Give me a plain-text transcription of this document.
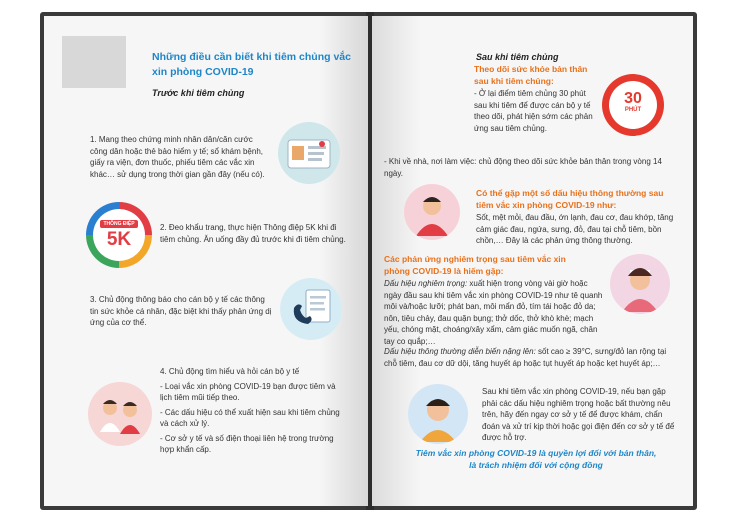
Những điều cần biết khi tiêm chủng vắc xin phòng COVID-19
Trước khi tiêm chủng
1. Mang theo chứng minh nhân dân/căn cước công dân hoặc thẻ bảo hiểm y tế; sổ khám bệnh, giấy ra viện, đơn thuốc, phiếu tiêm các vắc xin khác… sử dụng trong thời gian gần đây (nếu có).
THÔNG ĐIỆP
5K
2. Đeo khẩu trang, thực hiện Thông điệp 5K khi đi tiêm chủng. Ăn uống đầy đủ trước khi đi tiêm chủng.
3. Chủ động thông báo cho cán bộ y tế các thông tin sức khỏe cá nhân, đặc biệt khi thấy phản ứng dị ứng của cơ thể.
4. Chủ động tìm hiểu và hỏi cán bộ y tế
- Loại vắc xin phòng COVID-19 bạn được tiêm và lịch tiêm mũi tiếp theo.
- Các dấu hiệu có thể xuất hiện sau khi tiêm chủng và cách xử lý.
- Cơ sở y tế và số điện thoại liên hệ trong trường hợp khẩn cấp.
Sau khi tiêm chủng
Theo dõi sức khỏe bản thân sau khi tiêm chủng:
- Ở lại điểm tiêm chủng 30 phút sau khi tiêm để được cán bộ y tế theo dõi, phát hiện sớm các phản ứng sau tiêm chủng.
30
PHÚT
- Khi về nhà, nơi làm việc: chủ động theo dõi sức khỏe bản thân trong vòng 14 ngày.
Có thể gặp một số dấu hiệu thông thường sau tiêm vắc xin phòng COVID-19 như:
Sốt, mệt mỏi, đau đầu, ớn lạnh, đau cơ, đau khớp, tăng cảm giác đau, ngứa, sưng, đỏ, đau tại chỗ tiêm, bồn chồn,… Đây là các phản ứng thông thường.
Các phản ứng nghiêm trọng sau tiêm vắc xin phòng COVID-19 là hiếm gặp:
Dấu hiệu nghiêm trọng: xuất hiện trong vòng vài giờ hoặc ngày đầu sau khi tiêm vắc xin phòng COVID-19 như tê quanh môi và/hoặc lưỡi; phát ban, môi mẩn đỏ, tím tái hoặc đỏ da; nôn, tiêu chảy, đau quặn bụng; thở dốc, thở khò khè; mạch yếu, chóng mặt, choáng/xây xẩm, cảm giác muốn ngã, chân tay co quắp;…
Dấu hiệu thông thường diễn biến nặng lên: sốt cao ≥ 39°C, sưng/đỏ lan rộng tại chỗ tiêm, đau cơ dữ dội, tăng huyết áp hoặc tụt huyết áp hoặc kẹt huyết áp;…
Sau khi tiêm vắc xin phòng COVID-19, nếu bạn gặp phải các dấu hiệu nghiêm trọng hoặc bất thường nêu trên, hãy đến ngay cơ sở y tế để được khám, chẩn đoán và xử trí kịp thời hoặc gọi điện đến cơ sở y tế để được hỗ trợ.
Tiêm vắc xin phòng COVID-19 là quyền lợi đối với bản thân,
là trách nhiệm đối với cộng đồng
